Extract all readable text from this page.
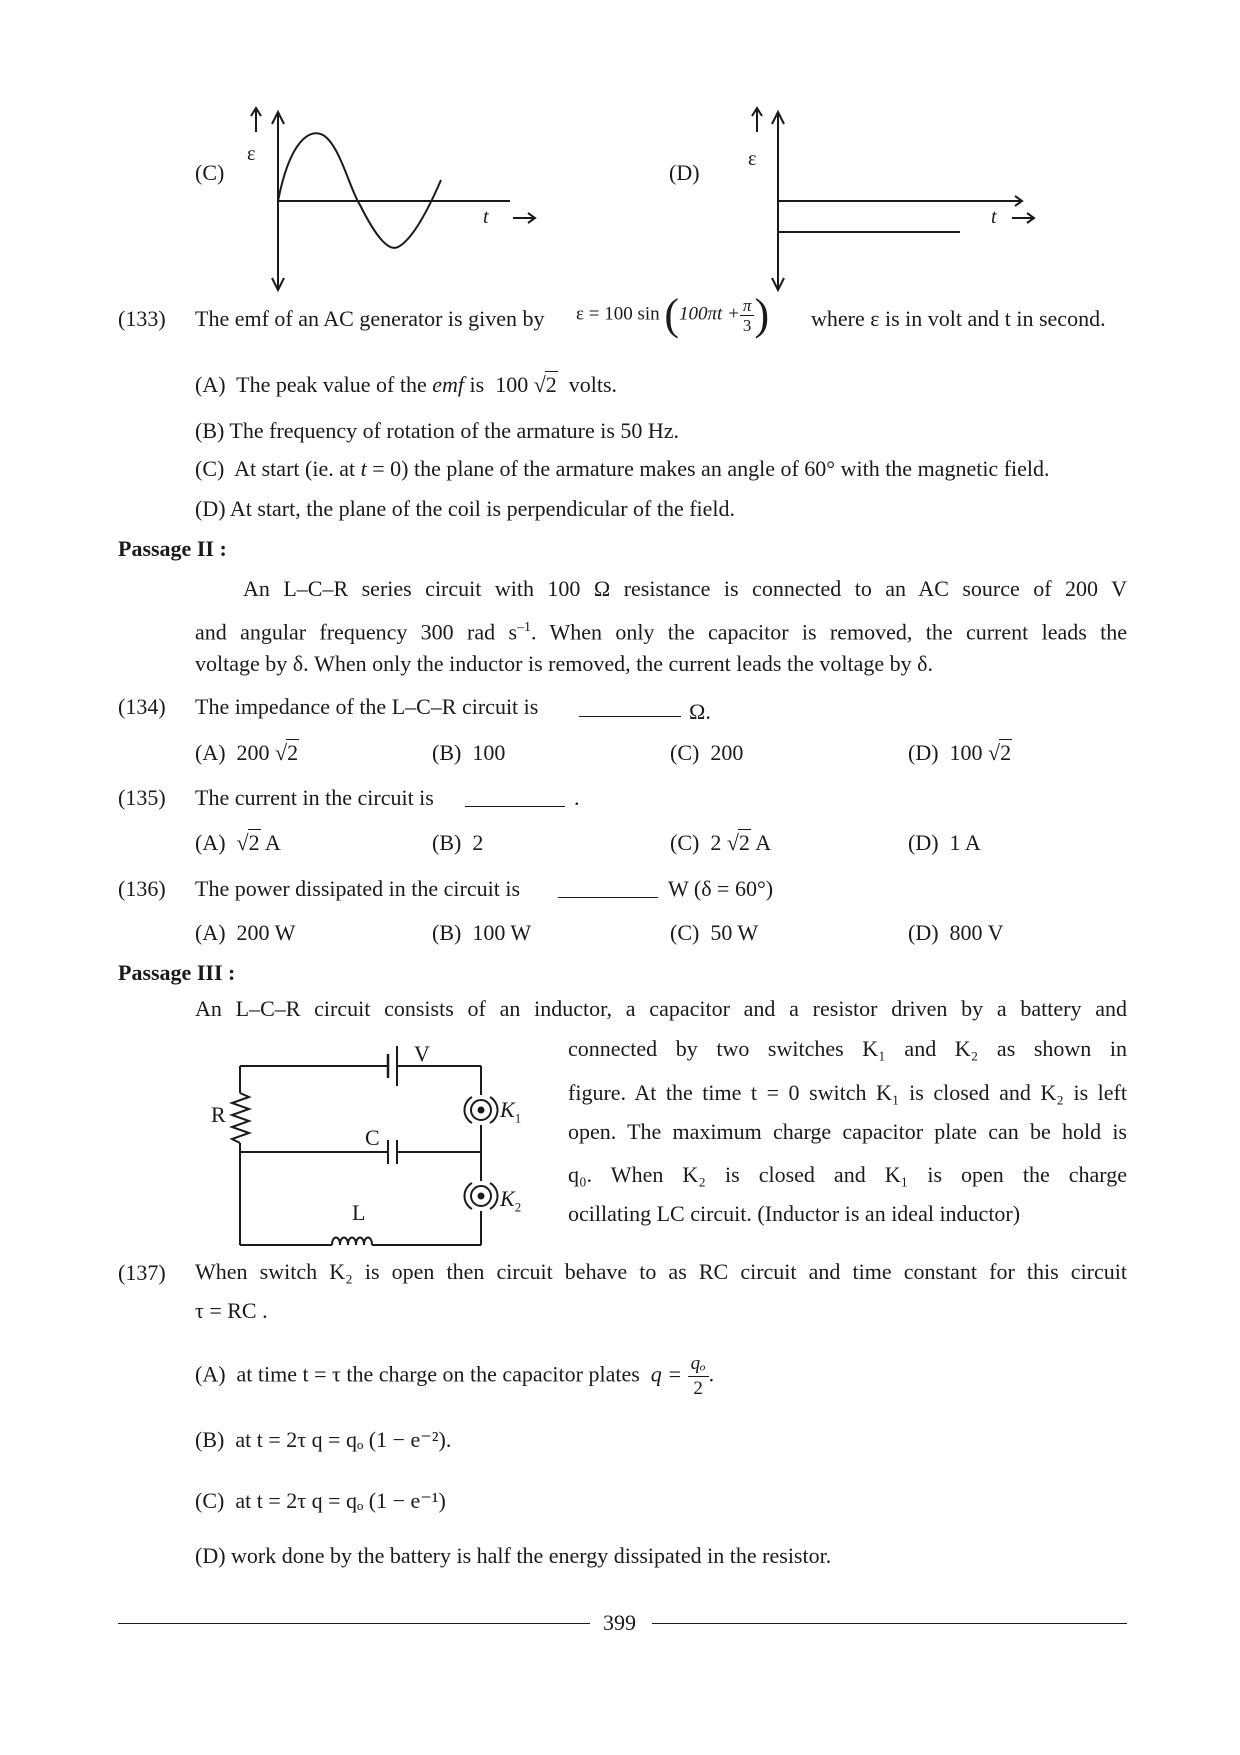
(C)
ε
t
(D)
ε
t
(133) The emf of an AC generator is given by ε = 100 $\sin (100\pi t + \frac{\pi}{3}$ ) where ε is in volt and t in second.
(A) The peak value of the emf is 100 √2 volts.
(B) The frequency of rotation of the armature is 50 Hz.
(C) At start (ie. at t = 0) the plane of the armature makes an angle of 60° with the magnetic field.
(D) At start, the plane of the coil is perpendicular of the field.
Passage II :
An L–C–R series circuit with 100 Ω resistance is connected to an AC source of 200 V
and angular frequency 300 rad $s^{-1}$. When only the capacitor is removed, the current leads the
voltage by δ. When only the inductor is removed, the current leads the voltage by δ.
(134) The impedance of the L–C–R circuit is	Ω.
(A) 200 √2	(B) 100	(C) 200	(D) 100 √2
(135) The current in the circuit is	.
(A) √2 A	(B) 2	(C) 2 √2 A	(D) 1 A
(136) The power dissipated in the circuit is	W (δ = 60°)
(A) 200 W	(B) 100 W	(C) 50 W	(D) 800 V
Passage III :
An L–C–R circuit consists of an inductor, a capacitor and a resistor driven by a battery and
connected by two switches K₁ and K₂ as shown in
figure. At the time t = 0 switch K₁ is closed and K₂ is left
open. The maximum charge capacitor plate can be hold is
q₀. When K₂ is closed and K₁ is open the charge
ocillating LC circuit. (Inductor is an ideal inductor)
R
V
C
L
$K_1$
$K_2$
(137) When switch K₂ is open then circuit behave to as RC circuit and time constant for this circuit
τ = RC .
(A) at time t = τ the charge on the capacitor plates $q = \frac{\text{qₒ}}{2}$ .
(B) at t = 2τ q = qₒ (1 − e⁻²).
(C) at t = 2τ q = qₒ (1 − e⁻¹)
(D) work done by the battery is half the energy dissipated in the resistor.
399
